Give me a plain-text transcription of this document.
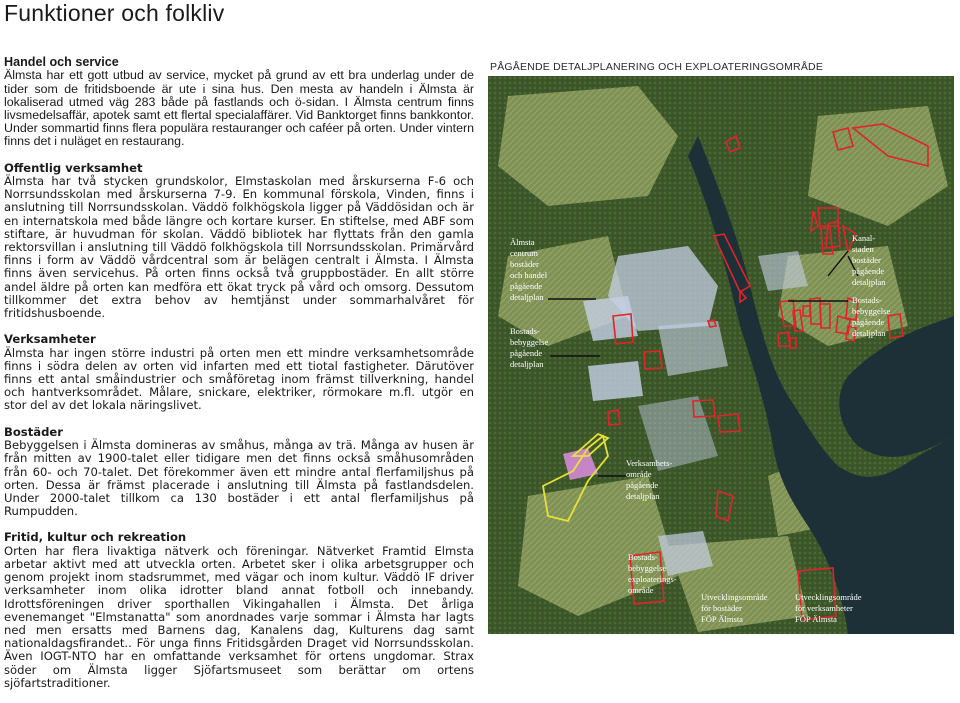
Funktioner och folkliv
Handel och service

Älmsta har ett gott utbud av service, mycket på grund av ett bra underlag under de tider som de fritidsboende är ute i sina hus. Den mesta av handeln i Älmsta är lokaliserad utmed väg 283 både på fastlands och ö-sidan. I Älmsta centrum finns livsmedelsaffär, apotek samt ett flertal specialaffärer. Vid Banktorget finns bankkontor. Under sommartid finns flera populära restauranger och caféer på orten. Under vintern finns det i nuläget en restaurang.

Offentlig verksamhet

Älmsta har två stycken grundskolor, Elmstaskolan med årskurserna F-6 och Norrsundsskolan med årskurserna 7-9. En kommunal förskola, Vinden, finns i anslutning till Norrsundsskolan. Väddö folkhögskola ligger på Väddösidan och är en internatskola med både längre och kortare kurser. En stiftelse, med ABF som stiftare, är huvudman för skolan. Väddö bibliotek har flyttats från den gamla rektorsvillan i anslutning till Väddö folkhögskola till Norrsundsskolan. Primärvård finns i form av Väddö vårdcentral som är belägen centralt i Älmsta. I Älmsta finns även servicehus. På orten finns också två gruppbostäder. En allt större andel äldre på orten kan medföra ett ökat tryck på vård och omsorg. Dessutom tillkommer det extra behov av hemtjänst under sommarhalvåret för fritidshusboende.

Verksamheter

Älmsta har ingen större industri på orten men ett mindre verksamhetsområde finns i södra delen av orten vid infarten med ett tiotal fastigheter. Därutöver finns ett antal småindustrier och småföretag inom främst tillverkning, handel och hantverksområdet. Målare, snickare, elektriker, rörmokare m.fl. utgör en stor del av det lokala näringslivet.

Bostäder

Bebyggelsen i Älmsta domineras av småhus, många av trä. Många av husen är från mitten av 1900-talet eller tidigare men det finns också småhusområden från 60- och 70-talet. Det förekommer även ett mindre antal flerfamiljshus på orten. Dessa är främst placerade i anslutning till Älmsta på fastlandsdelen. Under 2000-talet tillkom ca 130 bostäder i ett antal flerfamiljshus på Rumpudden.

Fritid, kultur och rekreation

Orten har flera livaktiga nätverk och föreningar. Nätverket Framtid Elmsta arbetar aktivt med att utveckla orten. Arbetet sker i olika arbetsgrupper och genom projekt inom stadsrummet, med vägar och inom kultur. Väddö IF driver verksamheter inom olika idrotter bland annat fotboll och innebandy. Idrottsföreningen driver sporthallen Vikingahallen i Älmsta. Det årliga evenemanget "Elmstanatta" som anordnades varje sommar i Älmsta har lagts ned men ersatts med Barnens dag, Kanalens dag, Kulturens dag samt nationaldagsfirandet.. För unga finns Fritidsgården Draget vid Norrsundsskolan. Även IOGT-NTO har en omfattande verksamhet för ortens ungdomar. Strax söder om Älmsta ligger Sjöfartsmuseet som berättar om ortens sjöfartstraditioner.

PÅGÅENDE DETALJPLANERING OCH EXPLOATERINGSOMRÅDE
Älmsta
centrum
bostäder
och handel
pågående
detaljplan
Bostads-
bebyggelse
pågående
detaljplan
Kanal-
staden
bostäder
pågående
detaljplan
Bostads-
bebyggelse
pågående
detaljplan
Verksamhets-
område
pågående
detaljplan
Bostads-
bebyggelse
exploaterings-
område
Utvecklingsområde
för bostäder
FÖP Älmsta
Utvecklingsområde
för verksamheter
FÖP Älmsta
